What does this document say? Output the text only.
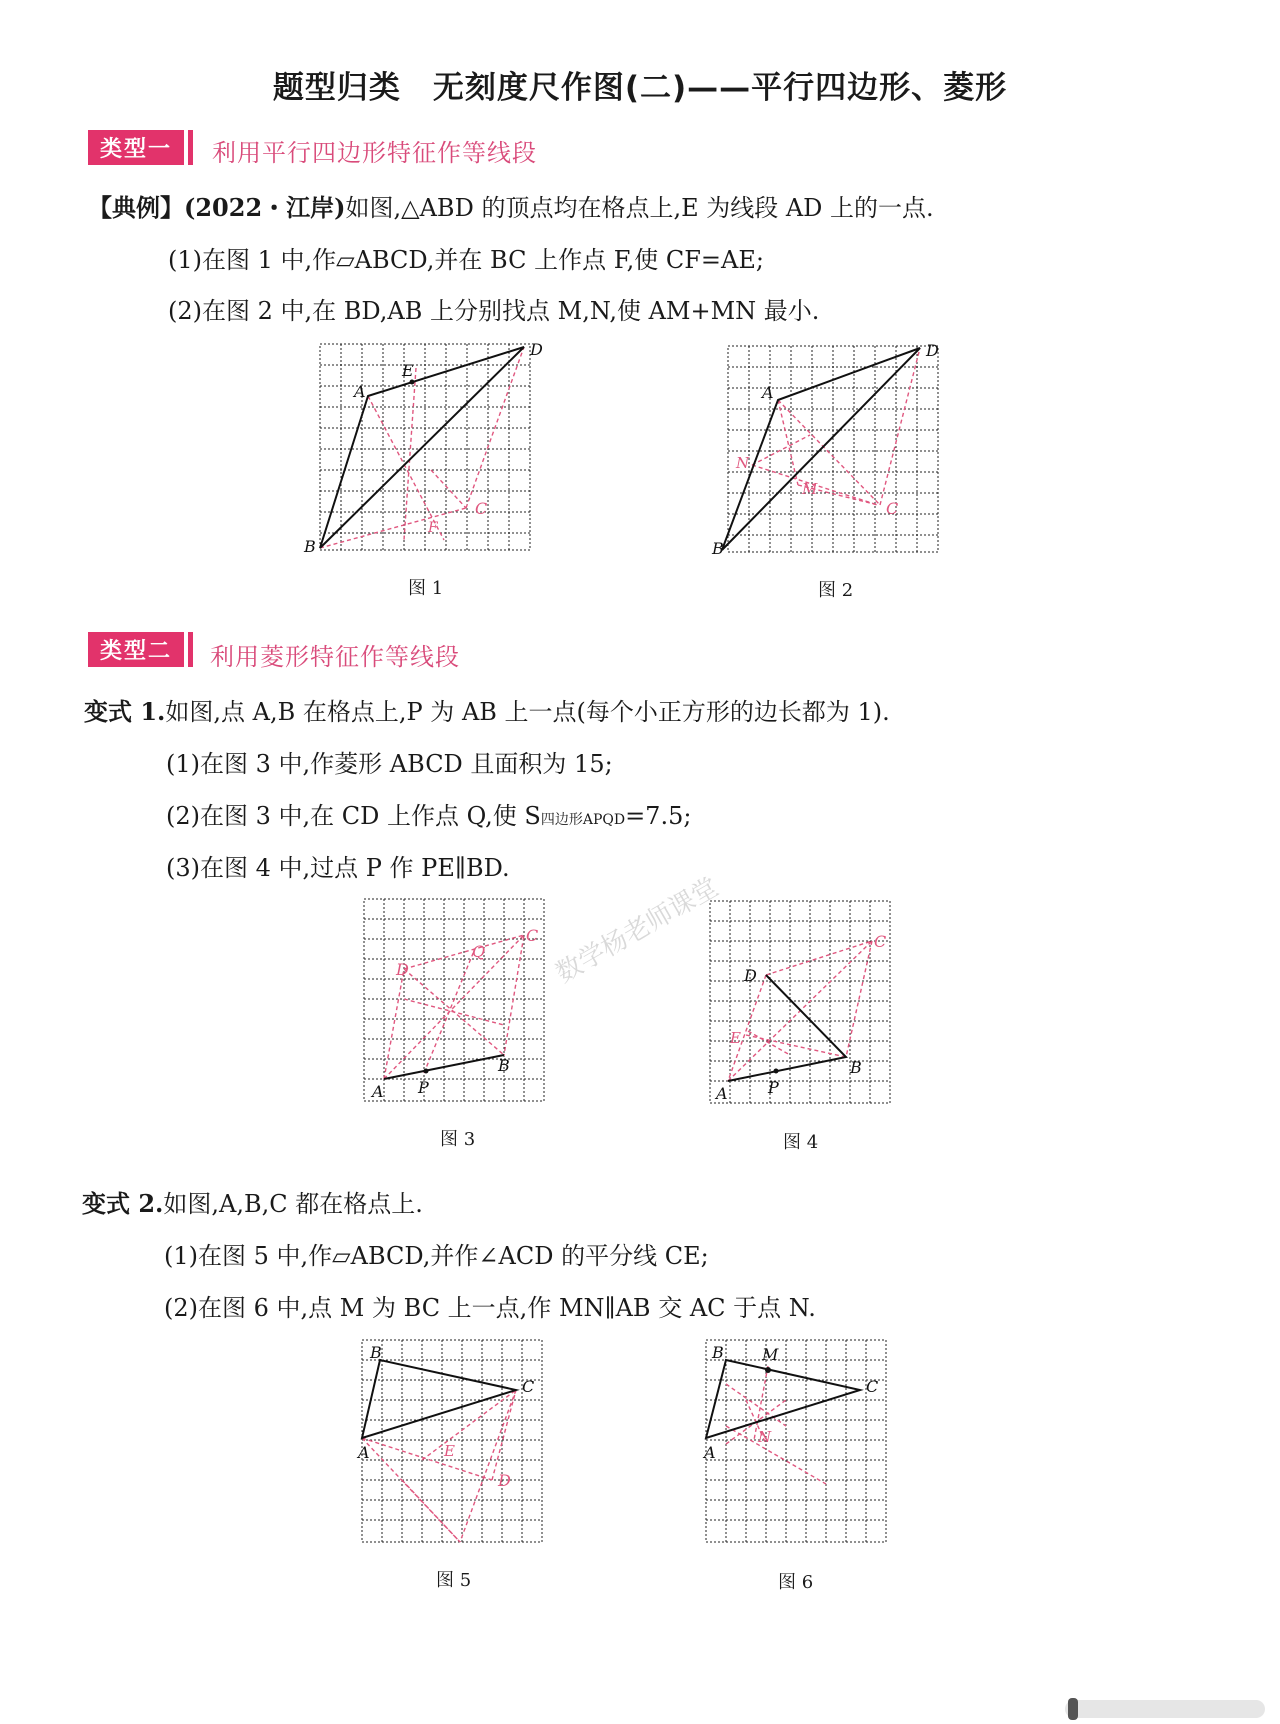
题型归类　无刻度尺作图(二)——平行四边形、菱形
类型一	利用平行四边形特征作等线段
【典例】(2022・江岸)如图,△ABD 的顶点均在格点上,E 为线段 AD 上的一点.
(1)在图 1 中,作▱ABCD,并在 BC 上作点 F,使 CF=AE;
(2)在图 2 中,在 BD,AB 上分别找点 M,N,使 AM+MN 最小.
A
B
D
E
C
F
图 1
A
B
D
C
N
M
图 2
类型二	利用菱形特征作等线段
变式 1.如图,点 A,B 在格点上,P 为 AB 上一点(每个小正方形的边长都为 1).
(1)在图 3 中,作菱形 ABCD 且面积为 15;
(2)在图 3 中,在 CD 上作点 Q,使 S四边形APQD=7.5;
(3)在图 4 中,过点 P 作 PE∥BD.
数学杨老师课堂
A
B
P
C
D
Q
图 3
A
B
P
D
C
E
图 4
变式 2.如图,A,B,C 都在格点上.
(1)在图 5 中,作▱ABCD,并作∠ACD 的平分线 CE;
(2)在图 6 中,点 M 为 BC 上一点,作 MN∥AB 交 AC 于点 N.
B
A
C
D
E
图 5
B
A
C
M
N
图 6
